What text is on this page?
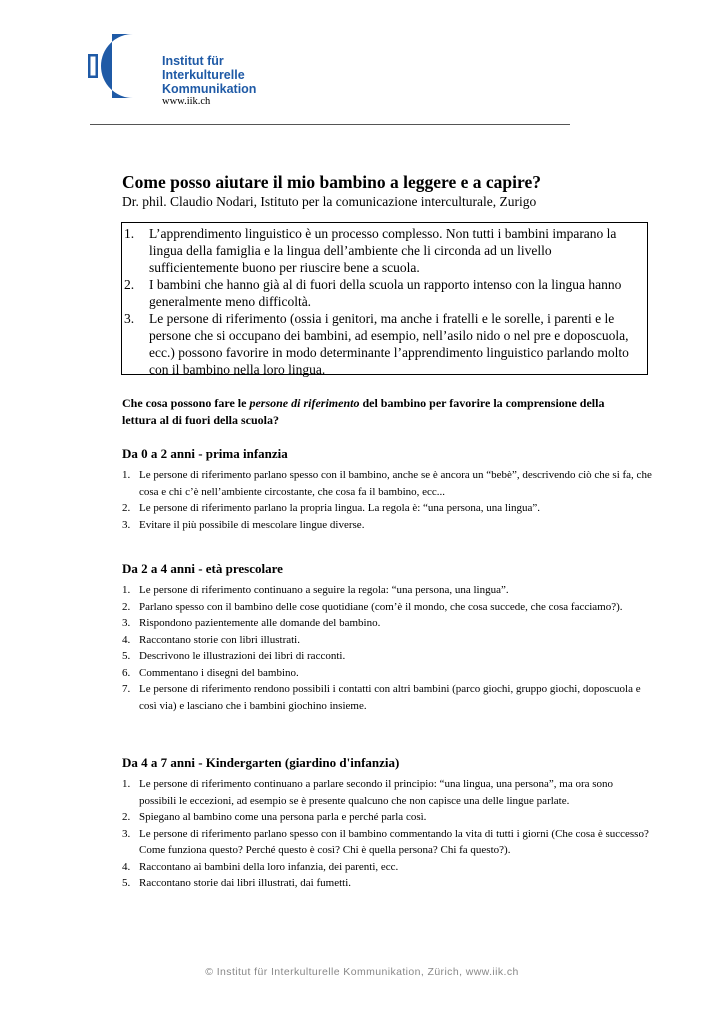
Institut für
Interkulturelle
Kommunikation
www.iik.ch
Come posso aiutare il mio bambino a leggere e a capire?
Dr. phil. Claudio Nodari, Istituto per la comunicazione interculturale, Zurigo
1. L’apprendimento linguistico è un processo complesso. Non tutti i bambini imparano la lingua della famiglia e la lingua dell’ambiente che li circonda ad un livello sufficientemente buono per riuscire bene a scuola.
2. I bambini che hanno già al di fuori della scuola un rapporto intenso con la lingua hanno generalmente meno difficoltà.
3. Le persone di riferimento (ossia i genitori, ma anche i fratelli e le sorelle, i parenti e le persone che si occupano dei bambini, ad esempio, nell’asilo nido o nel pre e doposcuola, ecc.) possono favorire in modo determinante l’apprendimento linguistico parlando molto con il bambino nella loro lingua.
Che cosa possono fare le persone di riferimento del bambino per favorire la comprensione della lettura al di fuori della scuola?
Da 0 a 2 anni - prima infanzia
1. Le persone di riferimento parlano spesso con il bambino, anche se è ancora un “bebè”, descrivendo ciò che si fa, che cosa e chi c’è nell’ambiente circostante, che cosa fa il bambino, ecc...
2. Le persone di riferimento parlano la propria lingua. La regola è: “una persona, una lingua”.
3. Evitare il più possibile di mescolare lingue diverse.
Da 2 a 4 anni - età prescolare
1. Le persone di riferimento continuano a seguire la regola: “una persona, una lingua”.
2. Parlano spesso con il bambino delle cose quotidiane (com’è il mondo, che cosa succede, che cosa facciamo?).
3. Rispondono pazientemente alle domande del bambino.
4. Raccontano storie con libri illustrati.
5. Descrivono le illustrazioni dei libri di racconti.
6. Commentano i disegni del bambino.
7. Le persone di riferimento rendono possibili i contatti con altri bambini (parco giochi, gruppo giochi, doposcuola e così via) e lasciano che i bambini giochino insieme.
Da 4 a 7 anni - Kindergarten (giardino d'infanzia)
1. Le persone di riferimento continuano a parlare secondo il principio: “una lingua, una persona”, ma ora sono possibili le eccezioni, ad esempio se è presente qualcuno che non capisce una delle lingue parlate.
2. Spiegano al bambino come una persona parla e perché parla così.
3. Le persone di riferimento parlano spesso con il bambino commentando la vita di tutti i giorni (Che cosa è successo? Come funziona questo? Perché questo è così? Chi è quella persona? Chi fa questo?).
4. Raccontano ai bambini della loro infanzia, dei parenti, ecc.
5. Raccontano storie dai libri illustrati, dai fumetti.
© Institut für Interkulturelle Kommunikation, Zürich, www.iik.ch
